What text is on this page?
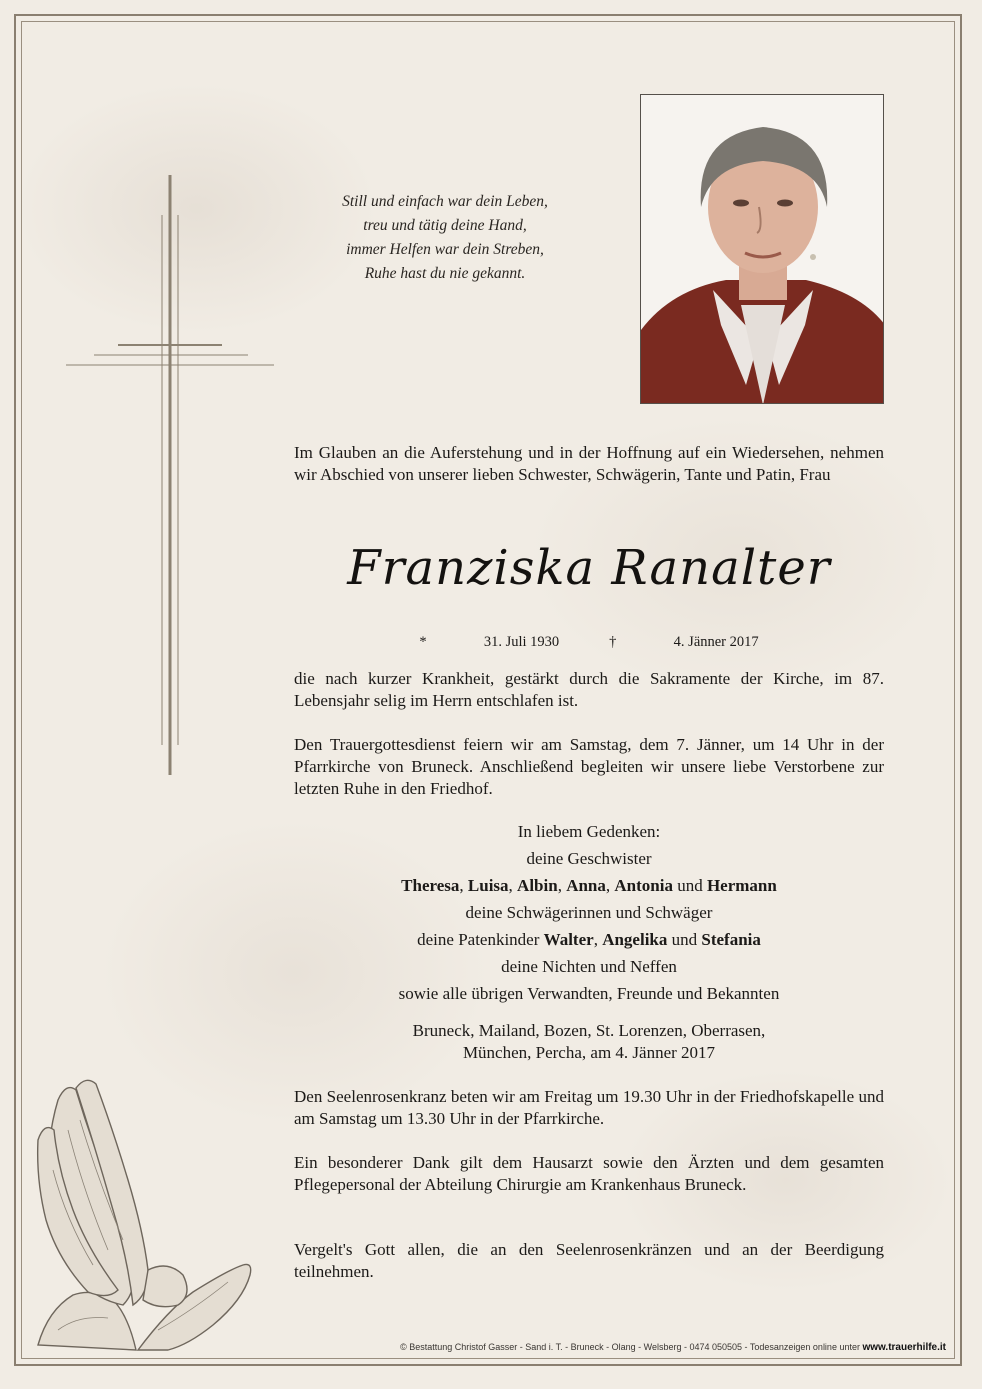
Still und einfach war dein Leben,
treu und tätig deine Hand,
immer Helfen war dein Streben,
Ruhe hast du nie gekannt.
Im Glauben an die Auferstehung und in der Hoffnung auf ein Wiedersehen, nehmen wir Abschied von unserer lieben Schwester, Schwägerin, Tante und Patin, Frau
Franziska Ranalter
*	31. Juli 1930	†	4. Jänner 2017
die nach kurzer Krankheit, gestärkt durch die Sakramente der Kirche, im 87. Lebensjahr selig im Herrn entschlafen ist.
Den Trauergottesdienst feiern wir am Samstag, dem 7. Jänner, um 14 Uhr in der Pfarrkirche von Bruneck. Anschließend begleiten wir unsere liebe Verstorbene zur letzten Ruhe in den Friedhof.
In liebem Gedenken:
deine Geschwister
Theresa, Luisa, Albin, Anna, Antonia und Hermann
deine Schwägerinnen und Schwäger
deine Patenkinder Walter, Angelika und Stefania
deine Nichten und Neffen
sowie alle übrigen Verwandten, Freunde und Bekannten
Bruneck, Mailand, Bozen, St. Lorenzen, Oberrasen,
München, Percha, am 4. Jänner 2017
Den Seelenrosenkranz beten wir am Freitag um 19.30 Uhr in der Friedhofskapelle und am Samstag um 13.30 Uhr in der Pfarrkirche.
Ein besonderer Dank gilt dem Hausarzt sowie den Ärzten und dem gesamten Pflegepersonal der Abteilung Chirurgie am Krankenhaus Bruneck.
Vergelt's Gott allen, die an den Seelenrosenkränzen und an der Beerdigung teilnehmen.
© Bestattung Christof Gasser - Sand i. T. - Bruneck - Olang - Welsberg - 0474 050505 - Todesanzeigen online unter www.trauerhilfe.it
